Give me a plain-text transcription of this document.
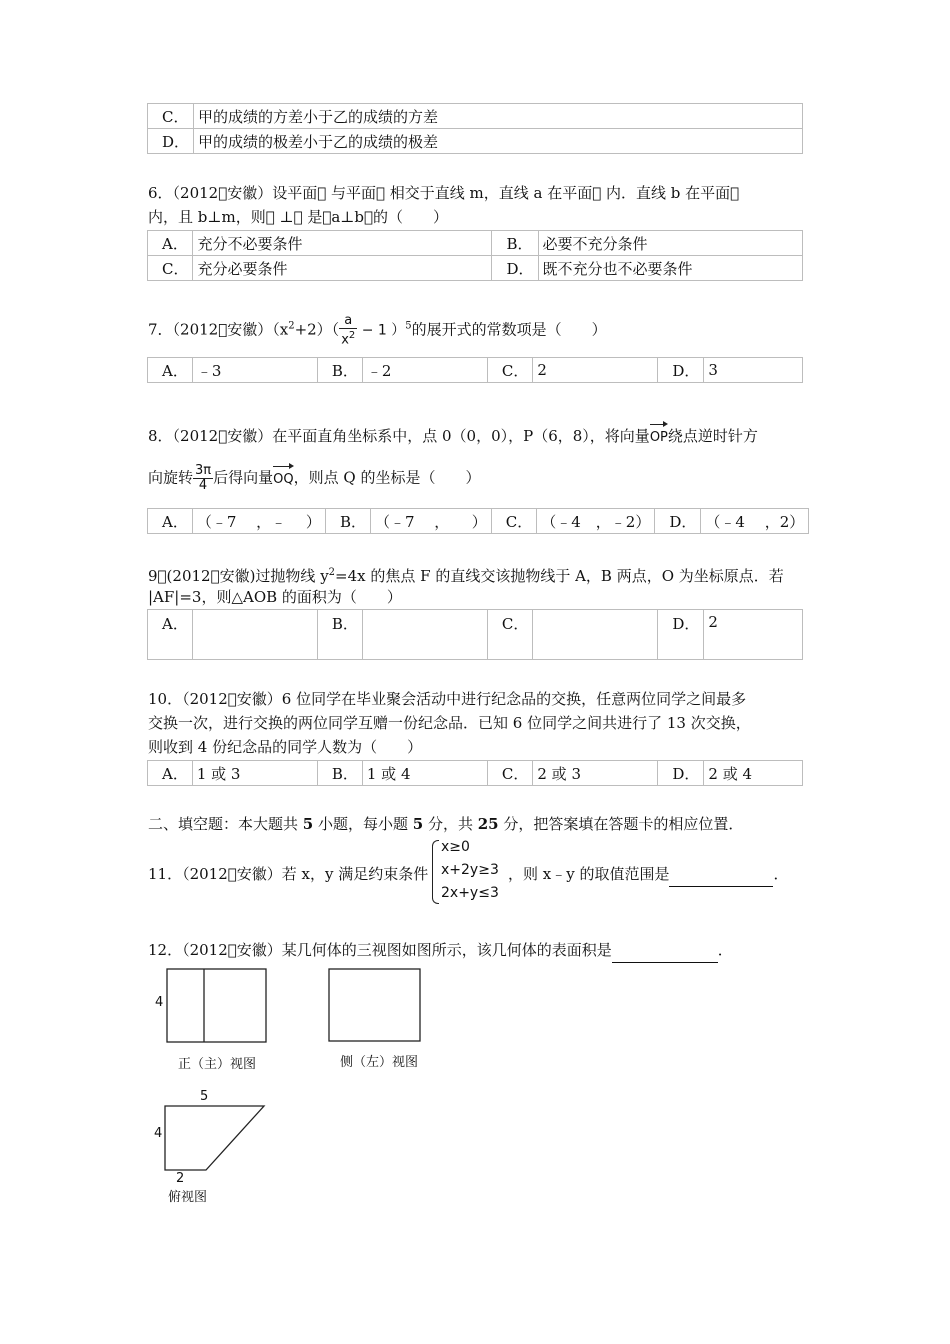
C．	甲的成绩的方差小于乙的成绩的方差
D．	甲的成绩的极差小于乙的成绩的极差
6．（2012􀁠安徽）设平面􀁠 与平面􀁠 相交于直线 m，直线 a 在平面􀁠 内．直线 b 在平面􀁠
内，且 b⊥m，则􀁠 ⊥􀁠 是􀁠a⊥b􀁠的（　　）
A．	充分不必要条件	B．	必要不充分条件
C．	充分必要条件	D．	既不充分也不必要条件
7．（2012􀁠安徽）$(x^2+2)( \frac{a}{x^2} - 1$ ）$^5$的展开式的常数项是（　　）
A．	﹣3	B．	﹣2	C．	2	D．	3
8．（2012􀁠安徽）在平面直角坐标系中，点 0（0，0），P（6，8），将向量OP绕点逆时针方
向旋转 $\frac{3\pi}{4}$ 后得向量OQ，则点 Q 的坐标是（　　）
A．	（﹣7　 ，﹣　 ）	B．	（﹣7　 ，　　）	C．	（﹣4　，﹣2）	D．	（﹣4　 ，2）
9．(2012􀁠安徽)过抛物线 $y^2=4x$ 的焦点 F 的直线交该抛物线于 A，B 两点，O 为坐标原点．若
|AF|=3，则△AOB 的面积为（　　）
A．		B．		C．		D．	2
10．（2012􀁠安徽）6 位同学在毕业聚会活动中进行纪念品的交换，任意两位同学之间最多
交换一次，进行交换的两位同学互赠一份纪念品．已知 6 位同学之间共进行了 13 次交换，
则收到 4 份纪念品的同学人数为（　　）
A．	1 或 3	B．	1 或 4	C．	2 或 3	D．	2 或 4
二、填空题：本大题共 5 小题，每小题 5 分，共 25 分，把答案填在答题卡的相应位置．
11．（2012􀁠安徽）若 x，y 满足约束条件
x≥0
x+2y≥3
2x+y≤3
，则 x﹣y 的取值范围是	．
12．（2012􀁠安徽）某几何体的三视图如图所示，该几何体的表面积是	．
4
正（主）视图	侧（左）视图
5
4
2
俯视图
